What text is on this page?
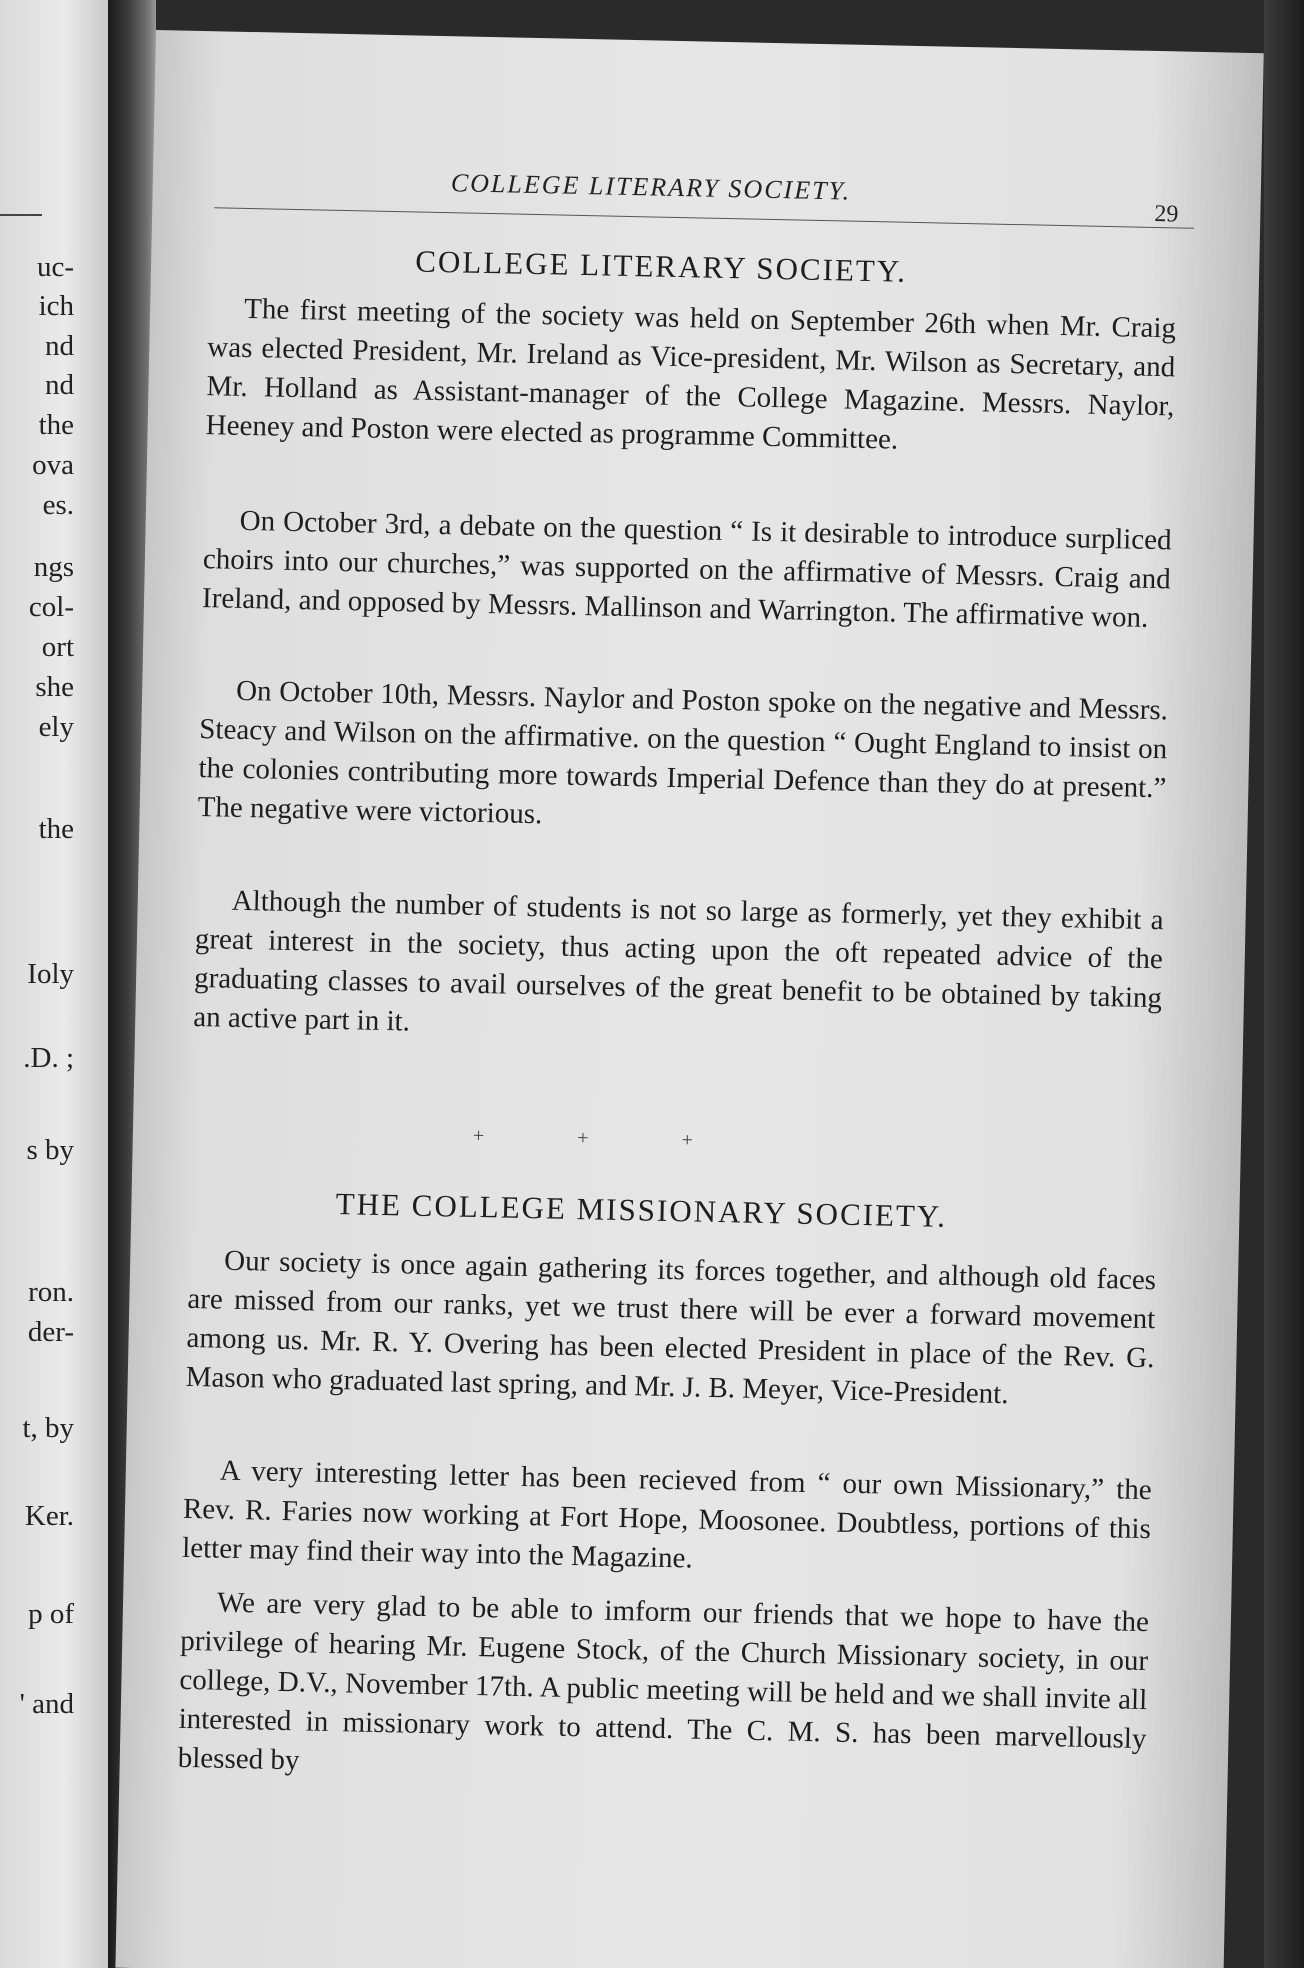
uc-
ich
nd
nd
the
ova
es.
ngs
col-
ort
she
ely
the
Ioly
.D. ;
s by
ron.
der-
t, by
Ker.
p of
' and
COLLEGE LITERARY SOCIETY.
29
COLLEGE LITERARY SOCIETY.
The first meeting of the society was held on September 26th when Mr. Craig was elected President, Mr. Ireland as Vice-president, Mr. Wilson as Secretary, and Mr. Holland as Assistant-manager of the College Magazine. Messrs. Naylor, Heeney and Poston were elected as programme Committee.
On October 3rd, a debate on the question “ Is it desirable to introduce surpliced choirs into our churches,” was supported on the affirmative of Messrs. Craig and Ireland, and opposed by Messrs. Mallinson and Warrington. The affirmative won.
On October 10th, Messrs. Naylor and Poston spoke on the negative and Messrs. Steacy and Wilson on the affirmative. on the question “ Ought England to insist on the colonies contributing more towards Imperial Defence than they do at present.” The negative were victorious.
Although the number of students is not so large as formerly, yet they exhibit a great interest in the society, thus acting upon the oft repeated advice of the graduating classes to avail ourselves of the great benefit to be obtained by taking an active part in it.
+	+	+
THE COLLEGE MISSIONARY SOCIETY.
Our society is once again gathering its forces together, and although old faces are missed from our ranks, yet we trust there will be ever a forward movement among us. Mr. R. Y. Overing has been elected President in place of the Rev. G. Mason who graduated last spring, and Mr. J. B. Meyer, Vice-President.
A very interesting letter has been recieved from “ our own Missionary,” the Rev. R. Faries now working at Fort Hope, Moosonee. Doubtless, portions of this letter may find their way into the Magazine.
We are very glad to be able to imform our friends that we hope to have the privilege of hearing Mr. Eugene Stock, of the Church Missionary society, in our college, D.V., November 17th. A public meeting will be held and we shall invite all interested in missionary work to attend. The C. M. S. has been marvellously blessed by
